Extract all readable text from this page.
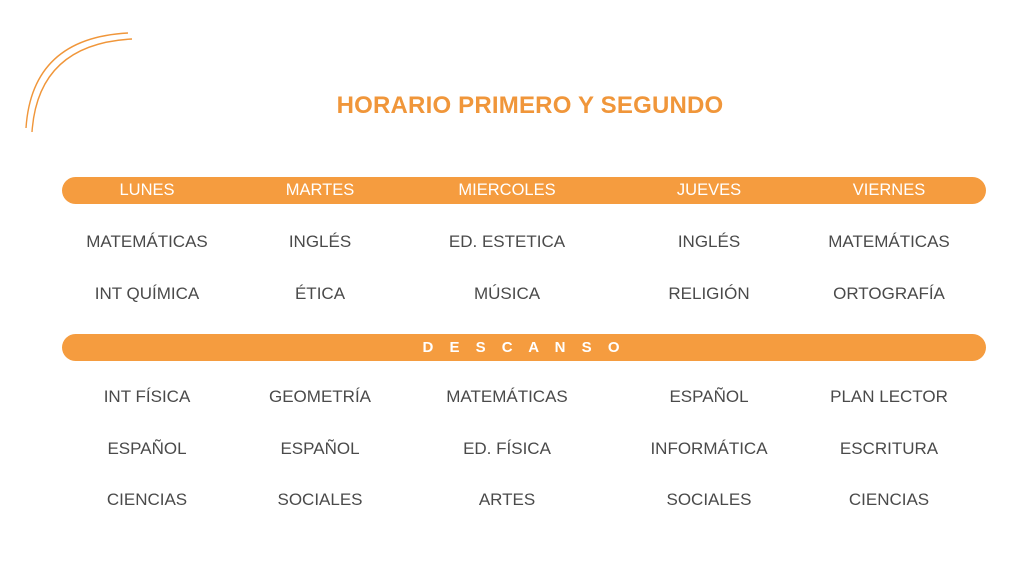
HORARIO PRIMERO Y SEGUNDO
LUNES	MARTES	MIERCOLES	JUEVES	VIERNES
MATEMÁTICAS	INGLÉS	ED. ESTETICA	INGLÉS	MATEMÁTICAS
INT QUÍMICA	ÉTICA	MÚSICA	RELIGIÓN	ORTOGRAFÍA
D E S C A N S O
INT FÍSICA	GEOMETRÍA	MATEMÁTICAS	ESPAÑOL	PLAN LECTOR
ESPAÑOL	ESPAÑOL	ED. FÍSICA	INFORMÁTICA	ESCRITURA
CIENCIAS	SOCIALES	ARTES	SOCIALES	CIENCIAS
